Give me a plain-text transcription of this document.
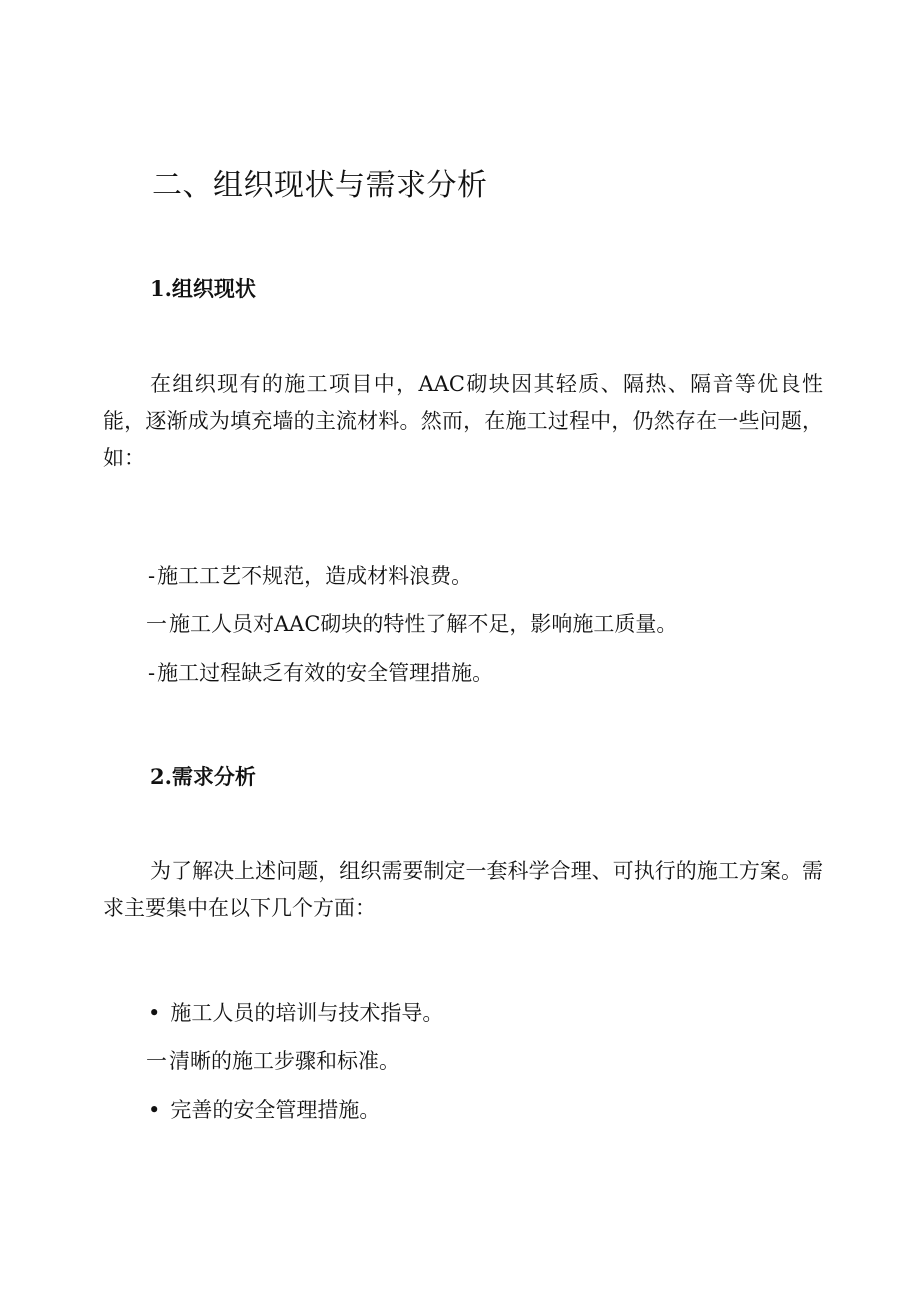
二、组织现状与需求分析
1.组织现状

在组织现有的施工项目中，AAC砌块因其轻质、隔热、隔音等优良性能，逐渐成为填充墙的主流材料。然而，在施工过程中，仍然存在一些问题，如：

-施工工艺不规范，造成材料浪费。
一施工人员对AAC砌块的特性了解不足，影响施工质量。
-施工过程缺乏有效的安全管理措施。
2.需求分析

为了解决上述问题，组织需要制定一套科学合理、可执行的施工方案。需求主要集中在以下几个方面：

• 施工人员的培训与技术指导。
一清晰的施工步骤和标准。
• 完善的安全管理措施。
